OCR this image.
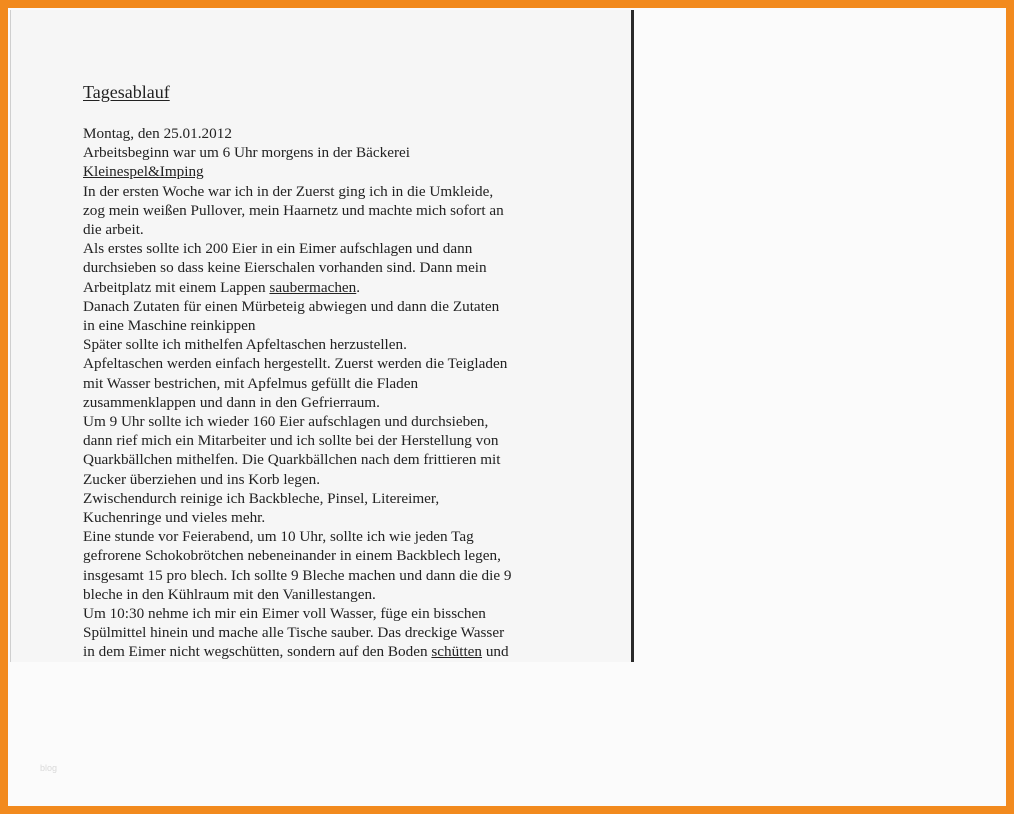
Tagesablauf
Montag, den 25.01.2012
Arbeitsbeginn war um 6 Uhr morgens in der Bäckerei
Kleinespel&Imping
In der ersten Woche war ich in der Zuerst ging ich in die Umkleide,
zog mein weißen Pullover, mein Haarnetz und machte mich sofort an
die arbeit.
Als erstes sollte ich 200 Eier in ein Eimer aufschlagen und dann
durchsieben so dass keine Eierschalen vorhanden sind. Dann mein
Arbeitplatz mit einem Lappen saubermachen.
Danach Zutaten für einen Mürbeteig abwiegen und dann die Zutaten
in eine Maschine reinkippen
Später sollte ich mithelfen Apfeltaschen herzustellen.
Apfeltaschen werden einfach hergestellt. Zuerst werden die Teigladen
mit Wasser bestrichen, mit Apfelmus gefüllt die Fladen
zusammenklappen und dann in den Gefrierraum.
Um 9 Uhr sollte ich wieder 160 Eier aufschlagen und durchsieben,
dann rief mich ein Mitarbeiter und ich sollte bei der Herstellung von
Quarkbällchen mithelfen. Die Quarkbällchen nach dem frittieren mit
Zucker überziehen und ins Korb legen.
Zwischendurch reinige ich Backbleche, Pinsel, Litereimer,
Kuchenringe und vieles mehr.
Eine stunde vor Feierabend, um 10 Uhr, sollte ich wie jeden Tag
gefrorene Schokobrötchen nebeneinander in einem Backblech legen,
insgesamt 15 pro blech. Ich sollte 9 Bleche machen und dann die die 9
bleche in den Kühlraum mit den Vanillestangen.
Um 10:30 nehme ich mir ein Eimer voll Wasser, füge ein bisschen
Spülmittel hinein und mache alle Tische sauber. Das dreckige Wasser
in dem Eimer nicht wegschütten, sondern auf den Boden schütten und
blog
